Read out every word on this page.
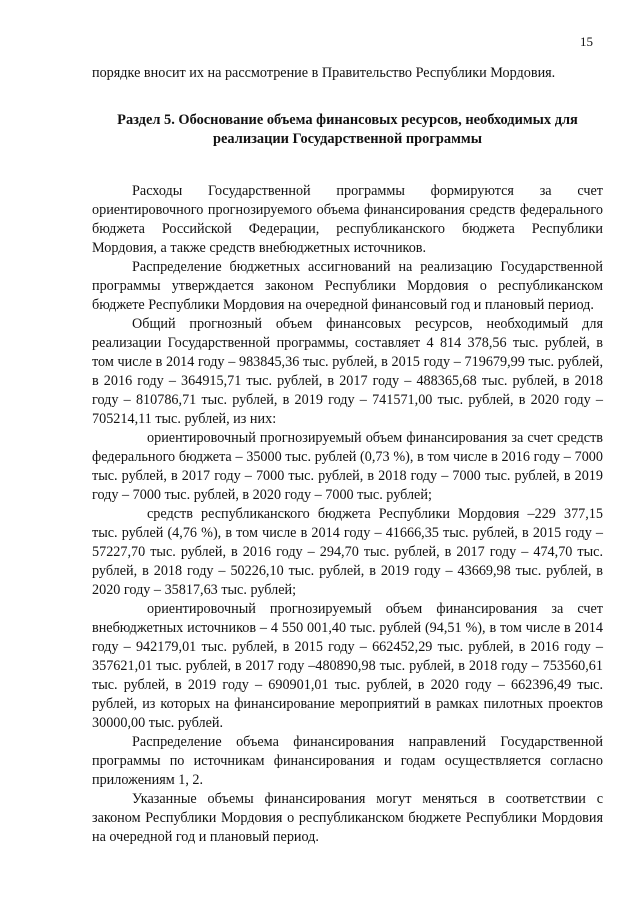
15

порядке вносит их на рассмотрение в Правительство Республики Мордовия.

Раздел 5. Обоснование объема финансовых ресурсов, необходимых для реализации Государственной программы

Расходы Государственной программы формируются за счет ориентировочного прогнозируемого объема финансирования средств федерального бюджета Российской Федерации, республиканского бюджета Республики Мордовия, а также средств внебюджетных источников.

Распределение бюджетных ассигнований на реализацию Государственной программы утверждается законом Республики Мордовия о республиканском бюджете Республики Мордовия на очередной финансовый год и плановый период.

Общий прогнозный объем финансовых ресурсов, необходимый для реализации Государственной программы, составляет 4 814 378,56 тыс. рублей, в том числе в 2014 году – 983845,36 тыс. рублей, в 2015 году – 719679,99 тыс. рублей, в 2016 году – 364915,71 тыс. рублей, в 2017 году – 488365,68 тыс. рублей, в 2018 году – 810786,71 тыс. рублей, в 2019 году – 741571,00 тыс. рублей, в 2020 году – 705214,11 тыс. рублей, из них:

ориентировочный прогнозируемый объем финансирования за счет средств федерального бюджета – 35000 тыс. рублей (0,73 %), в том числе в 2016 году – 7000 тыс. рублей, в 2017 году – 7000 тыс. рублей, в 2018 году – 7000 тыс. рублей, в 2019 году – 7000 тыс. рублей, в 2020 году – 7000 тыс. рублей;

средств республиканского бюджета Республики Мордовия –229 377,15 тыс. рублей (4,76 %), в том числе в 2014 году – 41666,35 тыс. рублей, в 2015 году – 57227,70 тыс. рублей, в 2016 году – 294,70 тыс. рублей, в 2017 году – 474,70 тыс. рублей, в 2018 году – 50226,10 тыс. рублей, в 2019 году – 43669,98 тыс. рублей, в 2020 году – 35817,63 тыс. рублей;

ориентировочный прогнозируемый объем финансирования за счет внебюджетных источников – 4 550 001,40 тыс. рублей (94,51 %), в том числе в 2014 году – 942179,01 тыс. рублей, в 2015 году – 662452,29 тыс. рублей, в 2016 году – 357621,01 тыс. рублей, в 2017 году –480890,98 тыс. рублей, в 2018 году – 753560,61 тыс. рублей, в 2019 году – 690901,01 тыс. рублей, в 2020 году – 662396,49 тыс. рублей, из которых на финансирование мероприятий в рамках пилотных проектов 30000,00 тыс. рублей.

Распределение объема финансирования направлений Государственной программы по источникам финансирования и годам осуществляется согласно приложениям 1, 2.

Указанные объемы финансирования могут меняться в соответствии с законом Республики Мордовия о республиканском бюджете Республики Мордовия на очередной год и плановый период.
